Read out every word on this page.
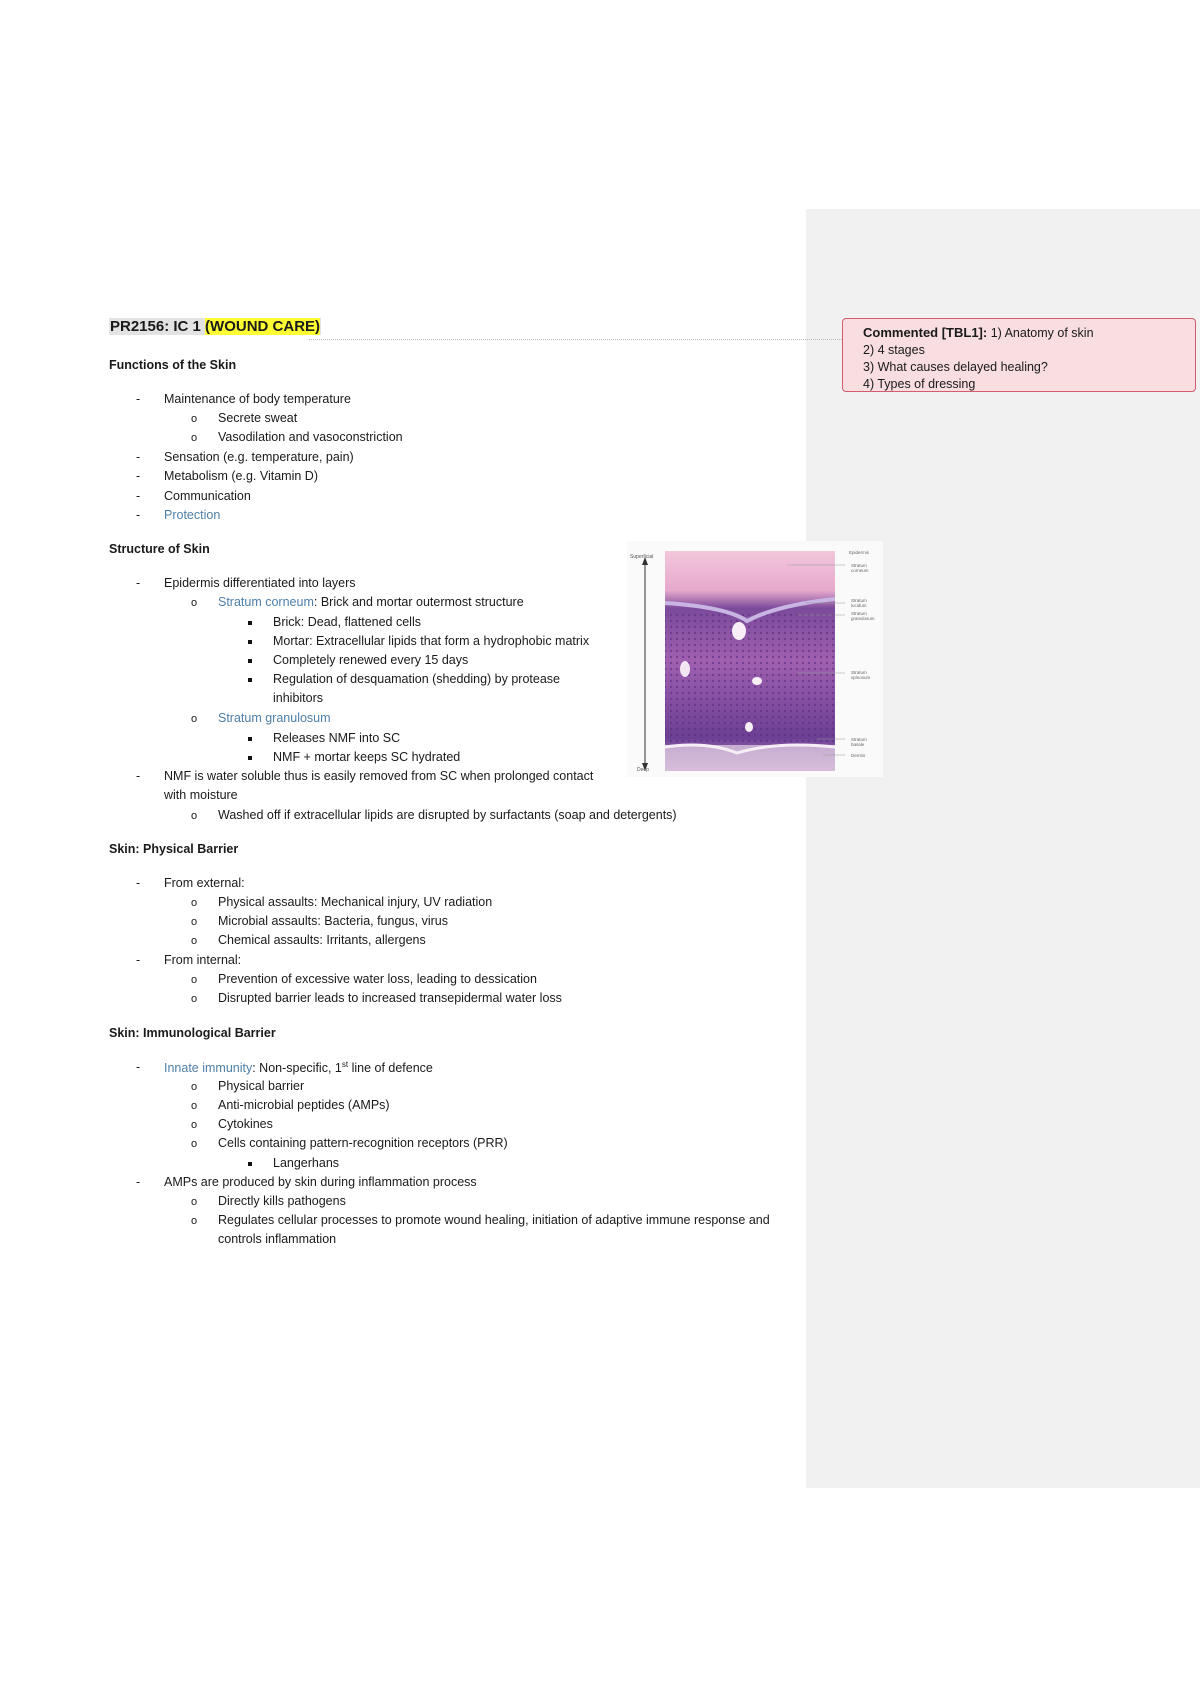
PR2156: IC 1 (WOUND CARE)	Commented [TBL1]: 1) Anatomy of skin
2) 4 stages
3) What causes delayed healing?
4) Types of dressing
Functions of the Skin
- Maintenance of body temperature
o Secrete sweat
o Vasodilation and vasoconstriction
- Sensation (e.g. temperature, pain)
- Metabolism (e.g. Vitamin D)
- Communication
- Protection
Structure of Skin
- Epidermis differentiated into layers
o Stratum corneum: Brick and mortar outermost structure
Brick: Dead, flattened cells
Mortar: Extracellular lipids that form a hydrophobic matrix
Completely renewed every 15 days
Regulation of desquamation (shedding) by protease
inhibitors
o Stratum granulosum
Releases NMF into SC
NMF + mortar keeps SC hydrated
- NMF is water soluble thus is easily removed from SC when prolonged contact
with moisture
o Washed off if extracellular lipids are disrupted by surfactants (soap and detergents)
Superficial
Deep
Epidermis
Stratum
corneum
Stratum
lucidum
Stratum
granulosum
Stratum
spinosum
Stratum
basale
Dermis
Skin: Physical Barrier
- From external:
o Physical assaults: Mechanical injury, UV radiation
o Microbial assaults: Bacteria, fungus, virus
o Chemical assaults: Irritants, allergens
- From internal:
o Prevention of excessive water loss, leading to dessication
o Disrupted barrier leads to increased transepidermal water loss
Skin: Immunological Barrier
- Innate immunity: Non-specific, 1st line of defence
o Physical barrier
o Anti-microbial peptides (AMPs)
o Cytokines
o Cells containing pattern-recognition receptors (PRR)
Langerhans
- AMPs are produced by skin during inflammation process
o Directly kills pathogens
o Regulates cellular processes to promote wound healing, initiation of adaptive immune response and
controls inflammation
